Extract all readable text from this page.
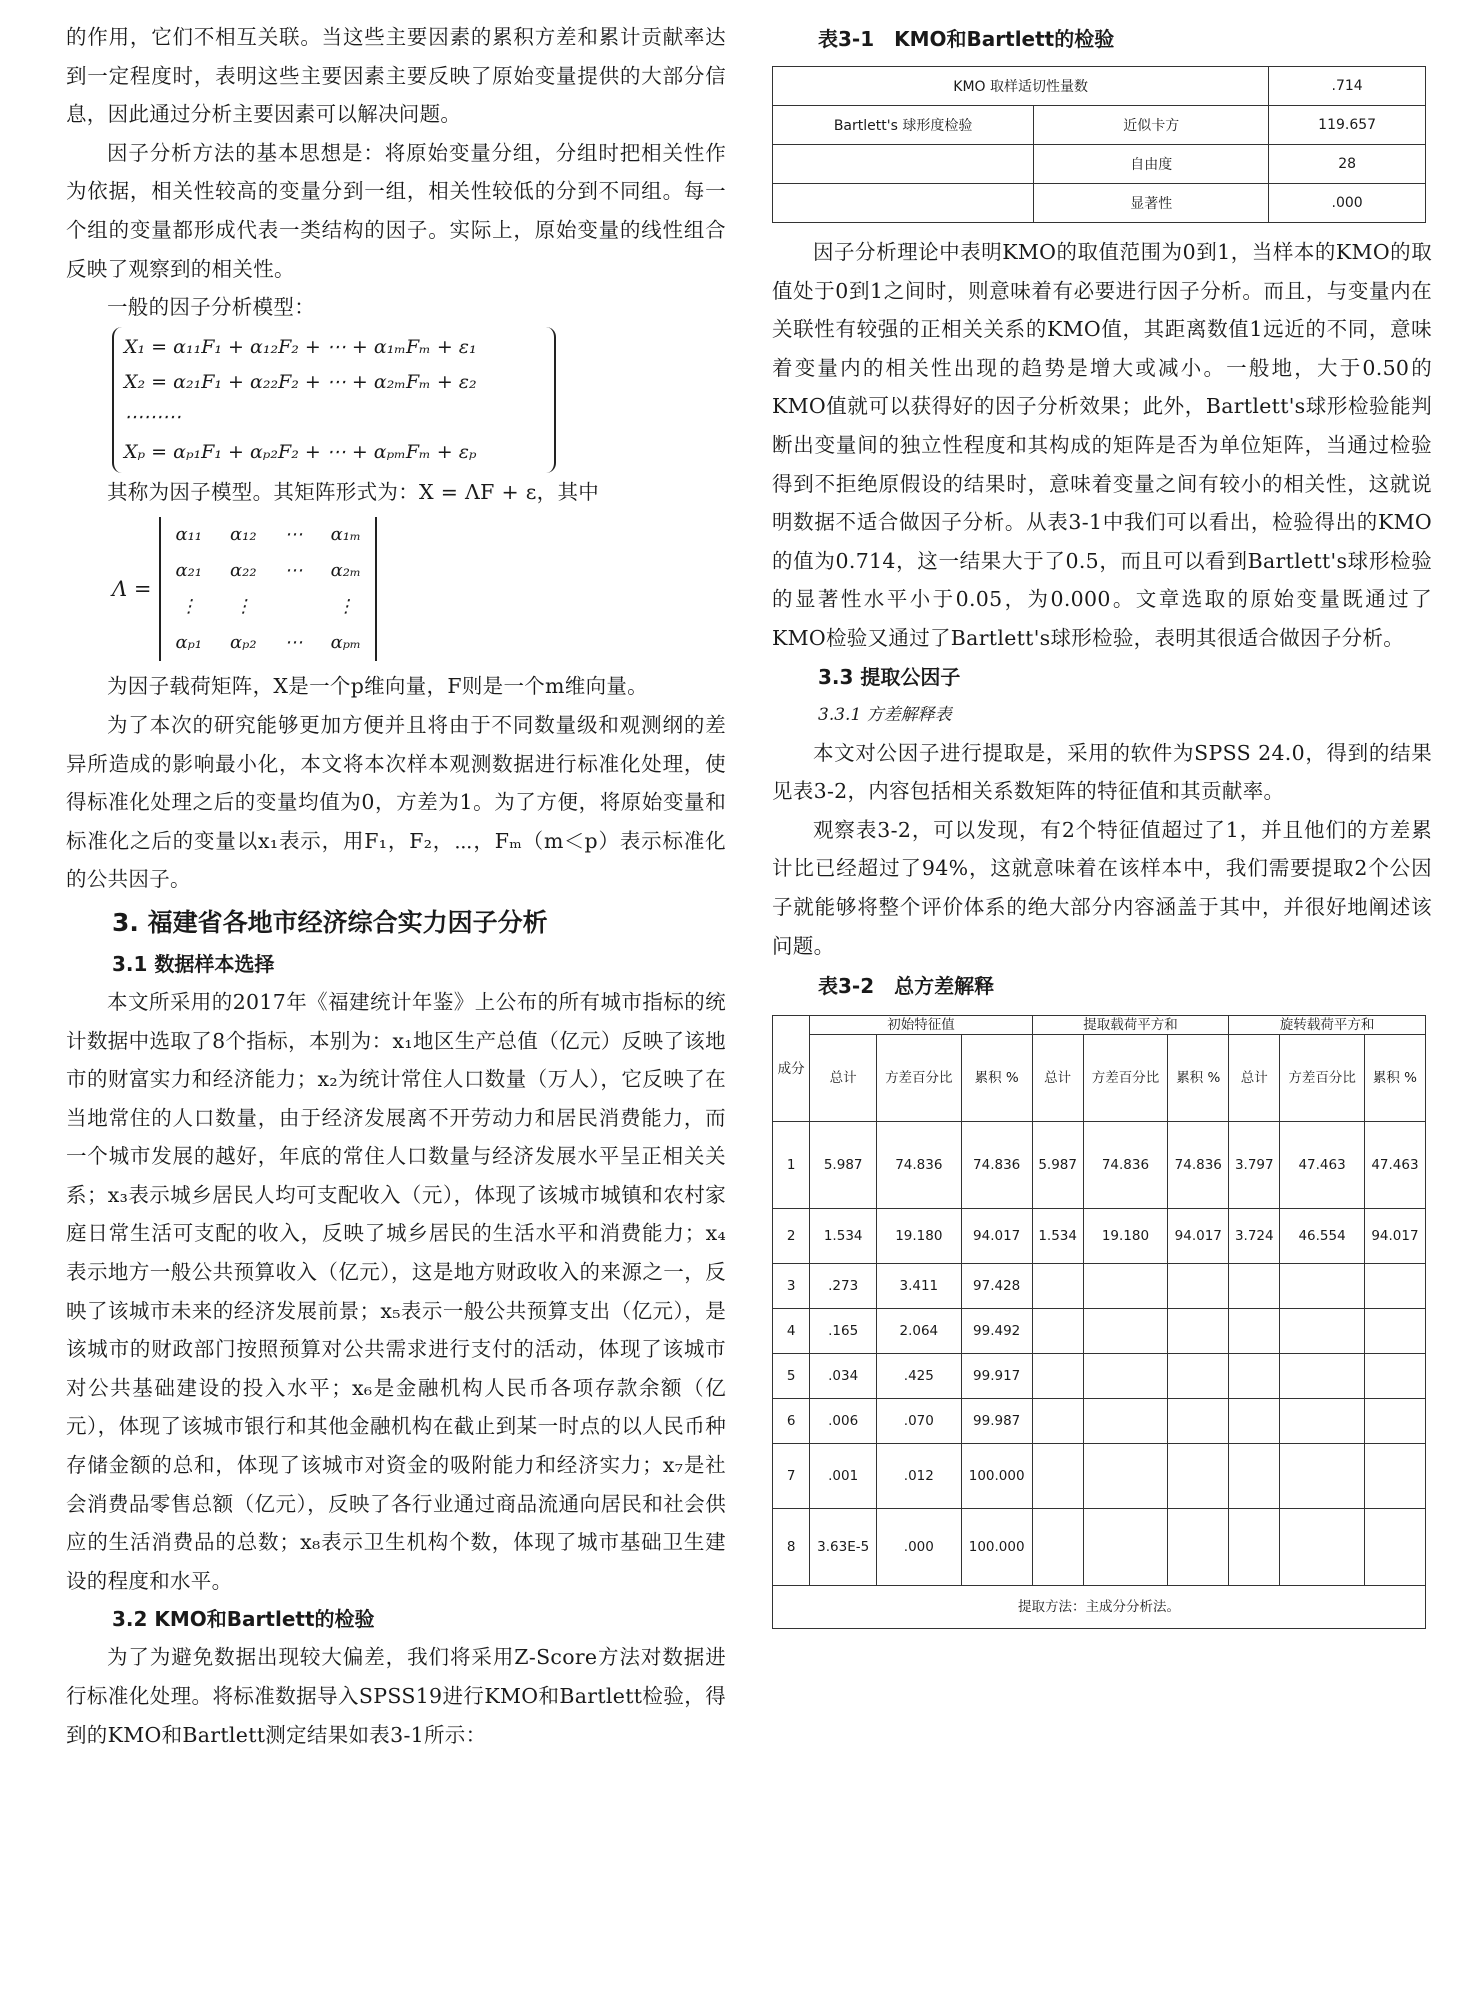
的作用，它们不相互关联。当这些主要因素的累积方差和累计贡献率达到一定程度时，表明这些主要因素主要反映了原始变量提供的大部分信息，因此通过分析主要因素可以解决问题。

因子分析方法的基本思想是：将原始变量分组，分组时把相关性作为依据，相关性较高的变量分到一组，相关性较低的分到不同组。每一个组的变量都形成代表一类结构的因子。实际上，原始变量的线性组合反映了观察到的相关性。

一般的因子分析模型：

X₁ = α₁₁F₁ + α₁₂F₂ + ⋯ + α₁ₘFₘ + ε₁
X₂ = α₂₁F₁ + α₂₂F₂ + ⋯ + α₂ₘFₘ + ε₂
⋯⋯⋯
Xₚ = αₚ₁F₁ + αₚ₂F₂ + ⋯ + αₚₘFₘ + εₚ

其称为因子模型。其矩阵形式为：X = ΛF + ε，其中

Λ =
α₁₁	α₁₂	⋯	α₁ₘ
α₂₁	α₂₂	⋯	α₂ₘ
⋮	⋮		⋮
αₚ₁	αₚ₂	⋯	αₚₘ

为因子载荷矩阵，X是一个p维向量，F则是一个m维向量。

为了本次的研究能够更加方便并且将由于不同数量级和观测纲的差异所造成的影响最小化，本文将本次样本观测数据进行标准化处理，使得标准化处理之后的变量均值为0，方差为1。为了方便，将原始变量和标准化之后的变量以x₁表示，用F₁，F₂，⋯，Fₘ（m＜p）表示标准化的公共因子。

3. 福建省各地市经济综合实力因子分析
3.1 数据样本选择

本文所采用的2017年《福建统计年鉴》上公布的所有城市指标的统计数据中选取了8个指标，本别为：x₁地区生产总值（亿元）反映了该地市的财富实力和经济能力；x₂为统计常住人口数量（万人），它反映了在当地常住的人口数量，由于经济发展离不开劳动力和居民消费能力，而一个城市发展的越好，年底的常住人口数量与经济发展水平呈正相关关系；x₃表示城乡居民人均可支配收入（元），体现了该城市城镇和农村家庭日常生活可支配的收入，反映了城乡居民的生活水平和消费能力；x₄表示地方一般公共预算收入（亿元），这是地方财政收入的来源之一，反映了该城市未来的经济发展前景；x₅表示一般公共预算支出（亿元），是该城市的财政部门按照预算对公共需求进行支付的活动，体现了该城市对公共基础建设的投入水平；x₆是金融机构人民币各项存款余额（亿元），体现了该城市银行和其他金融机构在截止到某一时点的以人民币种存储金额的总和，体现了该城市对资金的吸附能力和经济实力；x₇是社会消费品零售总额（亿元），反映了各行业通过商品流通向居民和社会供应的生活消费品的总数；x₈表示卫生机构个数，体现了城市基础卫生建设的程度和水平。

3.2 KMO和Bartlett的检验

为了为避免数据出现较大偏差，我们将采用Z-Score方法对数据进行标准化处理。将标准数据导入SPSS19进行KMO和Bartlett检验，得到的KMO和Bartlett测定结果如表3-1所示：

表3-1　KMO和Bartlett的检验
KMO 取样适切性量数		.714
Bartlett's 球形度检验	近似卡方	119.657
	自由度	28
	显著性	.000

因子分析理论中表明KMO的取值范围为0到1，当样本的KMO的取值处于0到1之间时，则意味着有必要进行因子分析。而且，与变量内在关联性有较强的正相关关系的KMO值，其距离数值1远近的不同，意味着变量内的相关性出现的趋势是增大或减小。一般地，大于0.50的KMO值就可以获得好的因子分析效果；此外，Bartlett's球形检验能判断出变量间的独立性程度和其构成的矩阵是否为单位矩阵，当通过检验得到不拒绝原假设的结果时，意味着变量之间有较小的相关性，这就说明数据不适合做因子分析。从表3-1中我们可以看出，检验得出的KMO的值为0.714，这一结果大于了0.5，而且可以看到Bartlett's球形检验的显著性水平小于0.05，为0.000。文章选取的原始变量既通过了KMO检验又通过了Bartlett's球形检验，表明其很适合做因子分析。

3.3 提取公因子
3.3.1 方差解释表

本文对公因子进行提取是，采用的软件为SPSS 24.0，得到的结果见表3-2，内容包括相关系数矩阵的特征值和其贡献率。

观察表3-2，可以发现，有2个特征值超过了1，并且他们的方差累计比已经超过了94%，这就意味着在该样本中，我们需要提取2个公因子就能够将整个评价体系的绝大部分内容涵盖于其中，并很好地阐述该问题。

表3-2　总方差解释
成分	初始特征值			提取载荷平方和			旋转载荷平方和		
	总计	方差百分比	累积 %	总计	方差百分比	累积 %	总计	方差百分比	累积 %
1	5.987	74.836	74.836	5.987	74.836	74.836	3.797	47.463	47.463
2	1.534	19.180	94.017	1.534	19.180	94.017	3.724	46.554	94.017
3	.273	3.411	97.428						
4	.165	2.064	99.492						
5	.034	.425	99.917						
6	.006	.070	99.987						
7	.001	.012	100.000						
8	3.63E-5	.000	100.000						
提取方法：主成分分析法。									
